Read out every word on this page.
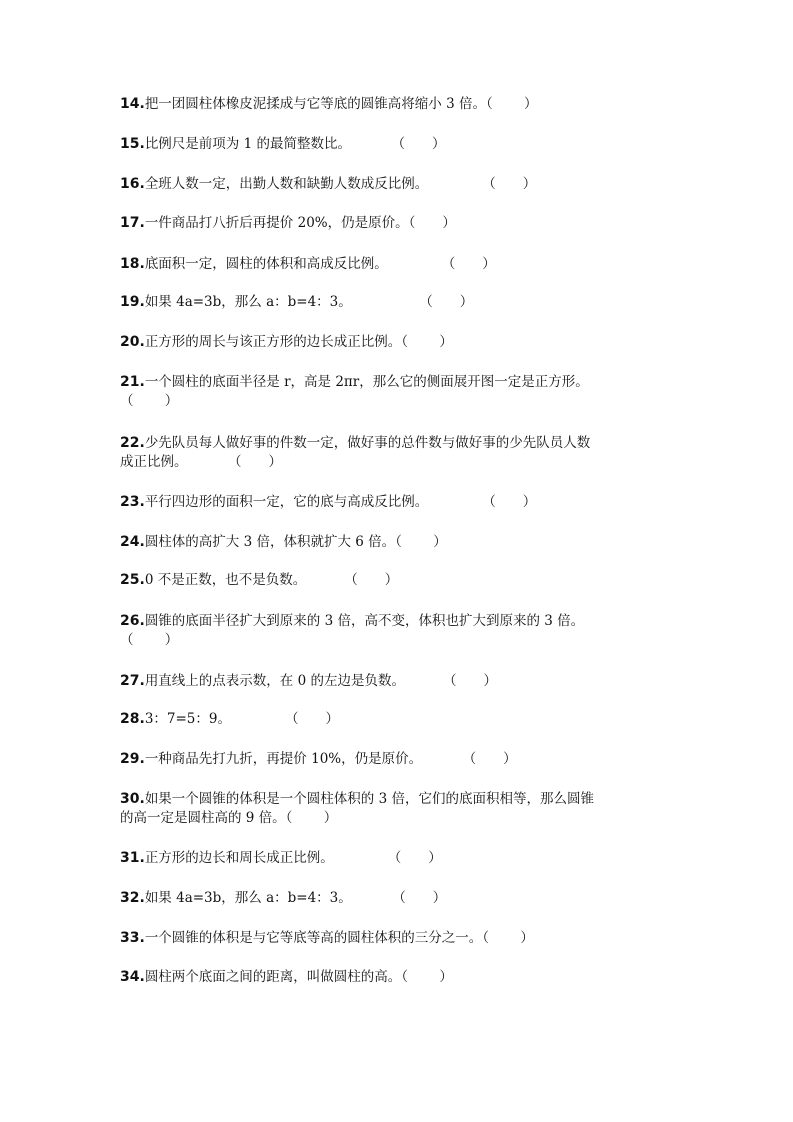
14.把一团圆柱体橡皮泥揉成与它等底的圆锥高将缩小 3 倍。（　　 ）
15.比例尺是前项为 1 的最简整数比。　　　　（　　）
16.全班人数一定，出勤人数和缺勤人数成反比例。　　　　　（　　）
17.一件商品打八折后再提价 20%，仍是原价。（　　）
18.底面积一定，圆柱的体积和高成反比例。　　　　　（　　）
19.如果 4a=3b，那么 a：b=4：3。　　　　　　（　　）
20.正方形的周长与该正方形的边长成正比例。（　　 ）
21.一个圆柱的底面半径是 r，高是 2πr，那么它的侧面展开图一定是正方形。
（　　 ）
22.少先队员每人做好事的件数一定，做好事的总件数与做好事的少先队员人数
成正比例。　　　　（　　）
23.平行四边形的面积一定，它的底与高成反比例。　　　　　（　　）
24.圆柱体的高扩大 3 倍，体积就扩大 6 倍。（　　 ）
25.0 不是正数，也不是负数。　　　 （　　）
26.圆锥的底面半径扩大到原来的 3 倍，高不变，体积也扩大到原来的 3 倍。
（　　 ）
27.用直线上的点表示数，在 0 的左边是负数。　　　 （　　）
28.3：7=5：9。　　　　　（　　）
29.一种商品先打九折，再提价 10%，仍是原价。　　　　（　　）
30.如果一个圆锥的体积是一个圆柱体积的 3 倍，它们的底面积相等，那么圆锥
的高一定是圆柱高的 9 倍。（　　 ）
31.正方形的边长和周长成正比例。　　　　　（　　）
32.如果 4a=3b，那么 a：b=4：3。　　　　（　　）
33.一个圆锥的体积是与它等底等高的圆柱体积的三分之一。（　　 ）
34.圆柱两个底面之间的距离，叫做圆柱的高。（　　 ）
